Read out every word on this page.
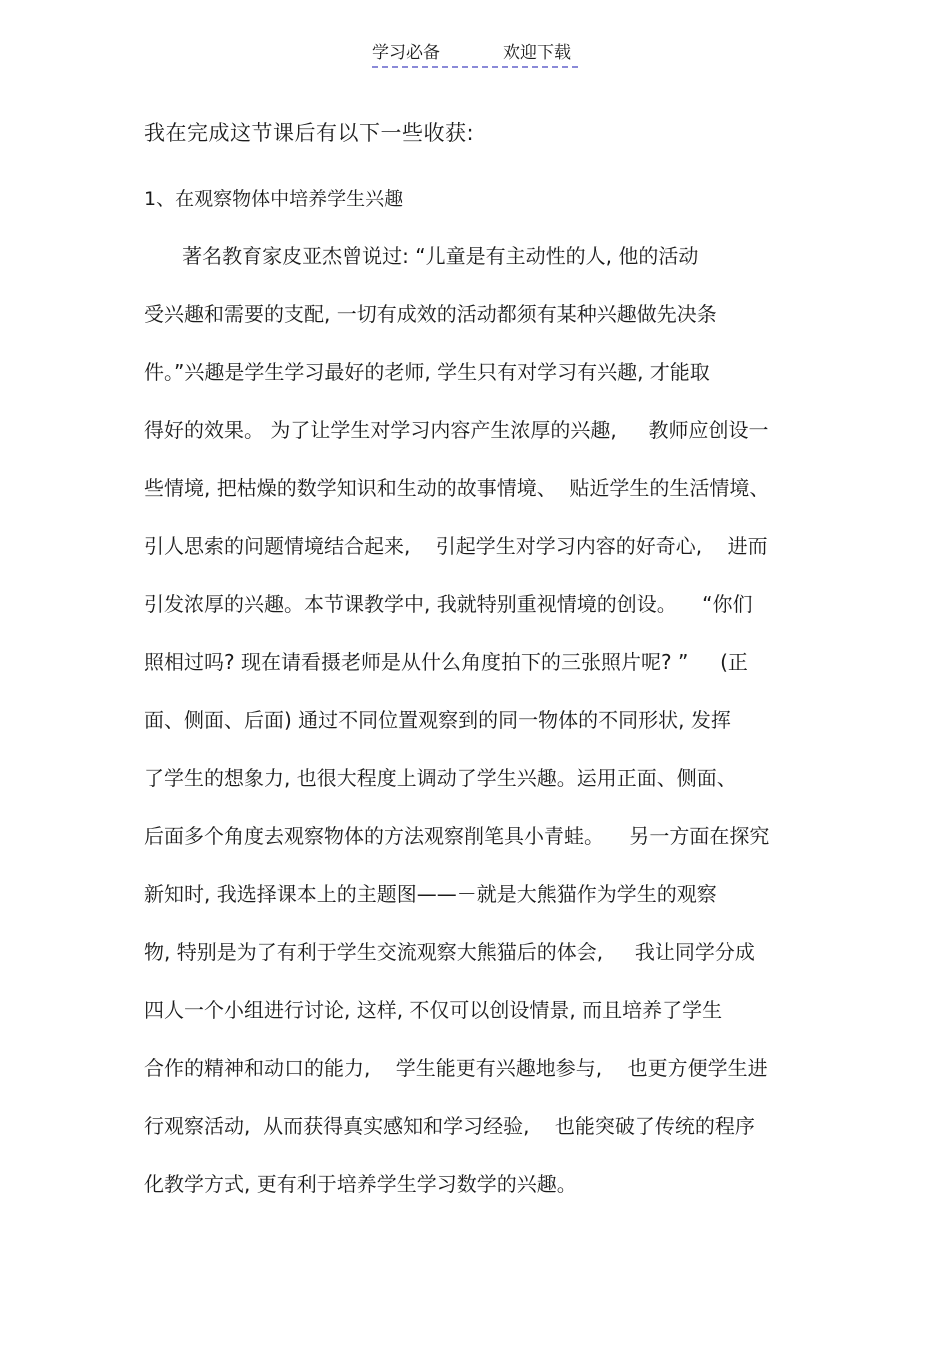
学习必备	欢迎下载
我在完成这节课后有以下一些收获:
1、在观察物体中培养学生兴趣
著名教育家皮亚杰曾说过: “儿童是有主动性的人, 他的活动
受兴趣和需要的支配, 一切有成效的活动都须有某种兴趣做先决条
件。”兴趣是学生学习最好的老师, 学生只有对学习有兴趣, 才能取
得好的效果。 为了让学生对学习内容产生浓厚的兴趣,     教师应创设一
些情境, 把枯燥的数学知识和生动的故事情境、  贴近学生的生活情境、
引人思索的问题情境结合起来,    引起学生对学习内容的好奇心,    进而
引发浓厚的兴趣。本节课教学中, 我就特别重视情境的创设。    “你们
照相过吗? 现在请看摄老师是从什么角度拍下的三张照片呢? ”     (正
面、侧面、后面) 通过不同位置观察到的同一物体的不同形状, 发挥
了学生的想象力, 也很大程度上调动了学生兴趣。运用正面、侧面、
后面多个角度去观察物体的方法观察削笔具小青蛙。    另一方面在探究
新知时, 我选择课本上的主题图——－就是大熊猫作为学生的观察
物, 特别是为了有利于学生交流观察大熊猫后的体会,     我让同学分成
四人一个小组进行讨论, 这样, 不仅可以创设情景, 而且培养了学生
合作的精神和动口的能力,    学生能更有兴趣地参与,    也更方便学生进
行观察活动,  从而获得真实感知和学习经验,    也能突破了传统的程序
化教学方式, 更有利于培养学生学习数学的兴趣。
